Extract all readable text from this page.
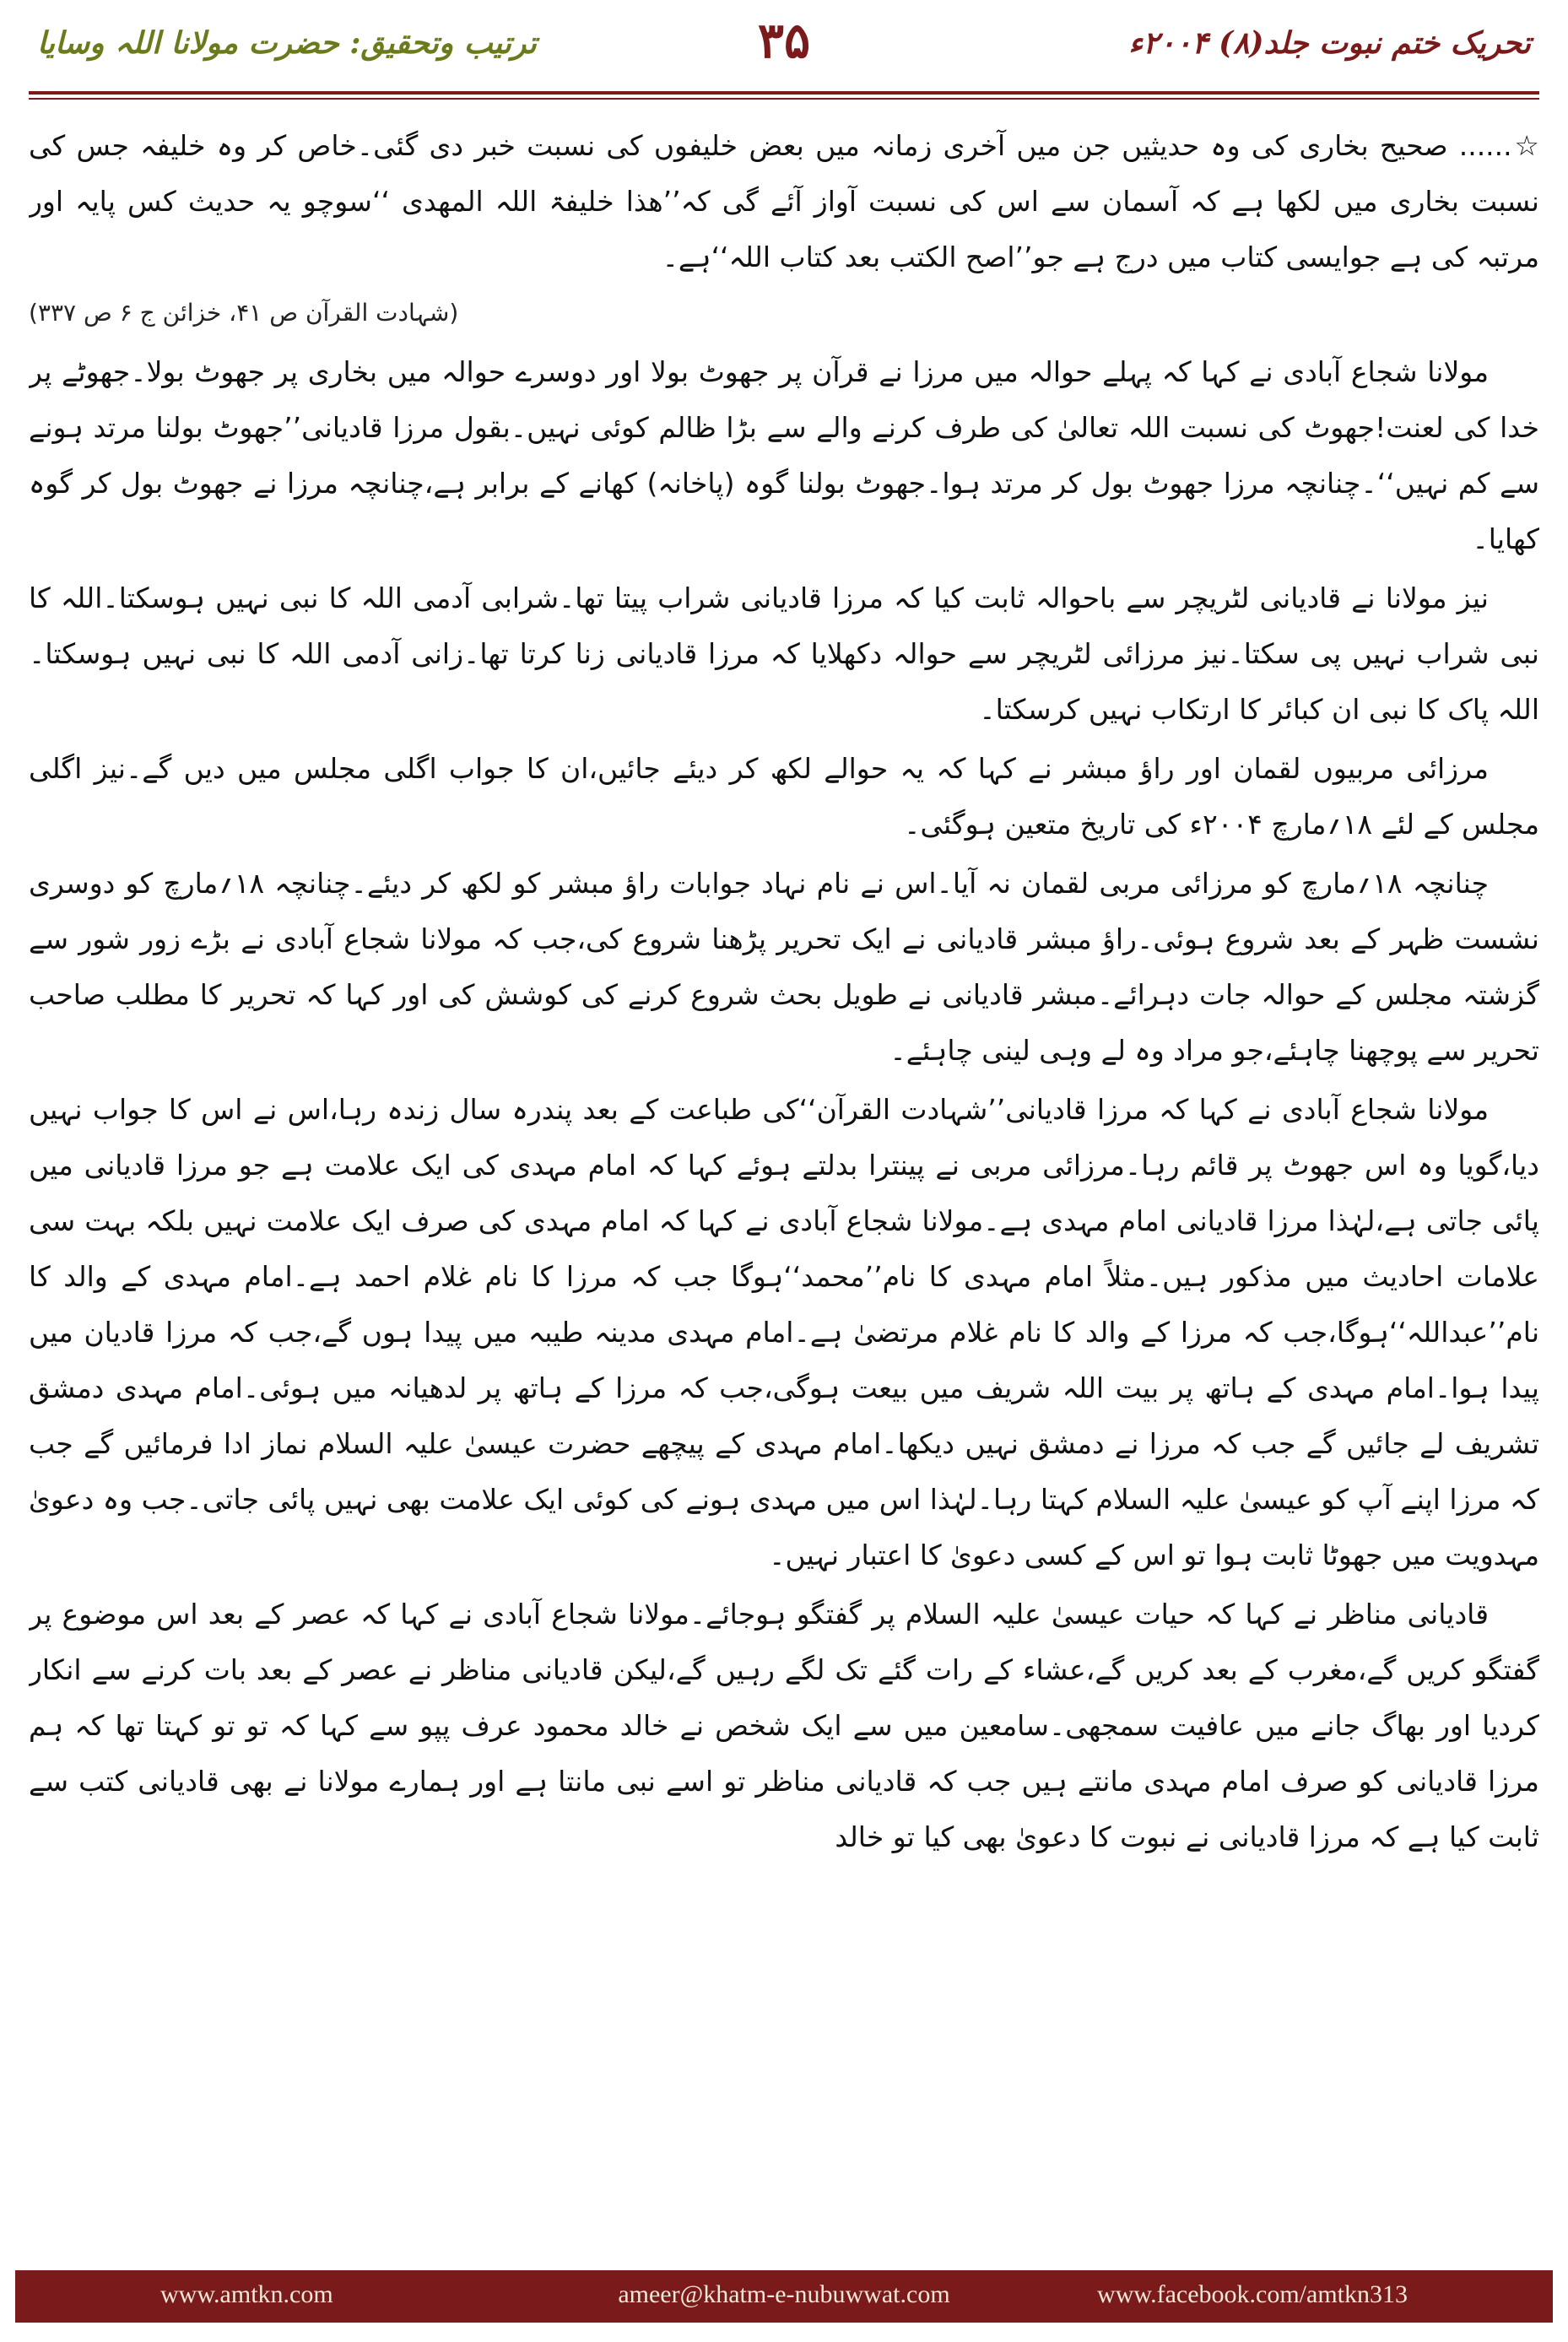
تحریک ختم نبوت جلد(۸) ۲۰۰۴ء
۳۵
ترتیب وتحقیق: حضرت مولانا اللہ وسایا

☆...... صحیح بخاری کی وہ حدیثیں جن میں آخری زمانہ میں بعض خلیفوں کی نسبت خبر دی گئی۔خاص کر وہ خلیفہ جس کی نسبت بخاری میں لکھا ہے کہ آسمان سے اس کی نسبت آواز آئے گی کہ’’ھذا خلیفۃ اللہ المھدی ‘‘سوچو یہ حدیث کس پایہ اور مرتبہ کی ہے جوایسی کتاب میں درج ہے جو’’اصح الکتب بعد کتاب اللہ‘‘ہے۔
(شہادت القرآن ص ۴۱، خزائن ج ۶ ص ۳۳۷)

مولانا شجاع آبادی نے کہا کہ پہلے حوالہ میں مرزا نے قرآن پر جھوٹ بولا اور دوسرے حوالہ میں بخاری پر جھوٹ بولا۔جھوٹے پر خدا کی لعنت!جھوٹ کی نسبت اللہ تعالیٰ کی طرف کرنے والے سے بڑا ظالم کوئی نہیں۔بقول مرزا قادیانی’’جھوٹ بولنا مرتد ہونے سے کم نہیں‘‘۔چنانچہ مرزا جھوٹ بول کر مرتد ہوا۔جھوٹ بولنا گوہ (پاخانہ) کھانے کے برابر ہے،چنانچہ مرزا نے جھوٹ بول کر گوہ کھایا۔

نیز مولانا نے قادیانی لٹریچر سے باحوالہ ثابت کیا کہ مرزا قادیانی شراب پیتا تھا۔شرابی آدمی اللہ کا نبی نہیں ہوسکتا۔اللہ کا نبی شراب نہیں پی سکتا۔نیز مرزائی لٹریچر سے حوالہ دکھلایا کہ مرزا قادیانی زنا کرتا تھا۔زانی آدمی اللہ کا نبی نہیں ہوسکتا۔اللہ پاک کا نبی ان کبائر کا ارتکاب نہیں کرسکتا۔

مرزائی مربیوں لقمان اور راؤ مبشر نے کہا کہ یہ حوالے لکھ کر دیئے جائیں،ان کا جواب اگلی مجلس میں دیں گے۔نیز اگلی مجلس کے لئے ۱۸؍مارچ ۲۰۰۴ء کی تاریخ متعین ہوگئی۔

چنانچہ ۱۸؍مارچ کو مرزائی مربی لقمان نہ آیا۔اس نے نام نہاد جوابات راؤ مبشر کو لکھ کر دیئے۔چنانچہ ۱۸؍مارچ کو دوسری نشست ظہر کے بعد شروع ہوئی۔راؤ مبشر قادیانی نے ایک تحریر پڑھنا شروع کی،جب کہ مولانا شجاع آبادی نے بڑے زور شور سے گزشتہ مجلس کے حوالہ جات دہرائے۔مبشر قادیانی نے طویل بحث شروع کرنے کی کوشش کی اور کہا کہ تحریر کا مطلب صاحب تحریر سے پوچھنا چاہئے،جو مراد وہ لے وہی لینی چاہئے۔

مولانا شجاع آبادی نے کہا کہ مرزا قادیانی’’شہادت القرآن‘‘کی طباعت کے بعد پندرہ سال زندہ رہا،اس نے اس کا جواب نہیں دیا،گویا وہ اس جھوٹ پر قائم رہا۔مرزائی مربی نے پینترا بدلتے ہوئے کہا کہ امام مہدی کی ایک علامت ہے جو مرزا قادیانی میں پائی جاتی ہے،لہٰذا مرزا قادیانی امام مہدی ہے۔مولانا شجاع آبادی نے کہا کہ امام مہدی کی صرف ایک علامت نہیں بلکہ بہت سی علامات احادیث میں مذکور ہیں۔مثلاً امام مہدی کا نام’’محمد‘‘ہوگا جب کہ مرزا کا نام غلام احمد ہے۔امام مہدی کے والد کا نام’’عبداللہ‘‘ہوگا،جب کہ مرزا کے والد کا نام غلام مرتضیٰ ہے۔امام مہدی مدینہ طیبہ میں پیدا ہوں گے،جب کہ مرزا قادیان میں پیدا ہوا۔امام مہدی کے ہاتھ پر بیت اللہ شریف میں بیعت ہوگی،جب کہ مرزا کے ہاتھ پر لدھیانہ میں ہوئی۔امام مہدی دمشق تشریف لے جائیں گے جب کہ مرزا نے دمشق نہیں دیکھا۔امام مہدی کے پیچھے حضرت عیسیٰ علیہ السلام نماز ادا فرمائیں گے جب کہ مرزا اپنے آپ کو عیسیٰ علیہ السلام کہتا رہا۔لہٰذا اس میں مہدی ہونے کی کوئی ایک علامت بھی نہیں پائی جاتی۔جب وہ دعویٰ مہدویت میں جھوٹا ثابت ہوا تو اس کے کسی دعویٰ کا اعتبار نہیں۔

قادیانی مناظر نے کہا کہ حیات عیسیٰ علیہ السلام پر گفتگو ہوجائے۔مولانا شجاع آبادی نے کہا کہ عصر کے بعد اس موضوع پر گفتگو کریں گے،مغرب کے بعد کریں گے،عشاء کے رات گئے تک لگے رہیں گے،لیکن قادیانی مناظر نے عصر کے بعد بات کرنے سے انکار کردیا اور بھاگ جانے میں عافیت سمجھی۔سامعین میں سے ایک شخص نے خالد محمود عرف پپو سے کہا کہ تو تو کہتا تھا کہ ہم مرزا قادیانی کو صرف امام مہدی مانتے ہیں جب کہ قادیانی مناظر تو اسے نبی مانتا ہے اور ہمارے مولانا نے بھی قادیانی کتب سے ثابت کیا ہے کہ مرزا قادیانی نے نبوت کا دعویٰ بھی کیا تو خالد

www.amtkn.com	ameer@khatm-e-nubuwwat.com	www.facebook.com/amtkn313
